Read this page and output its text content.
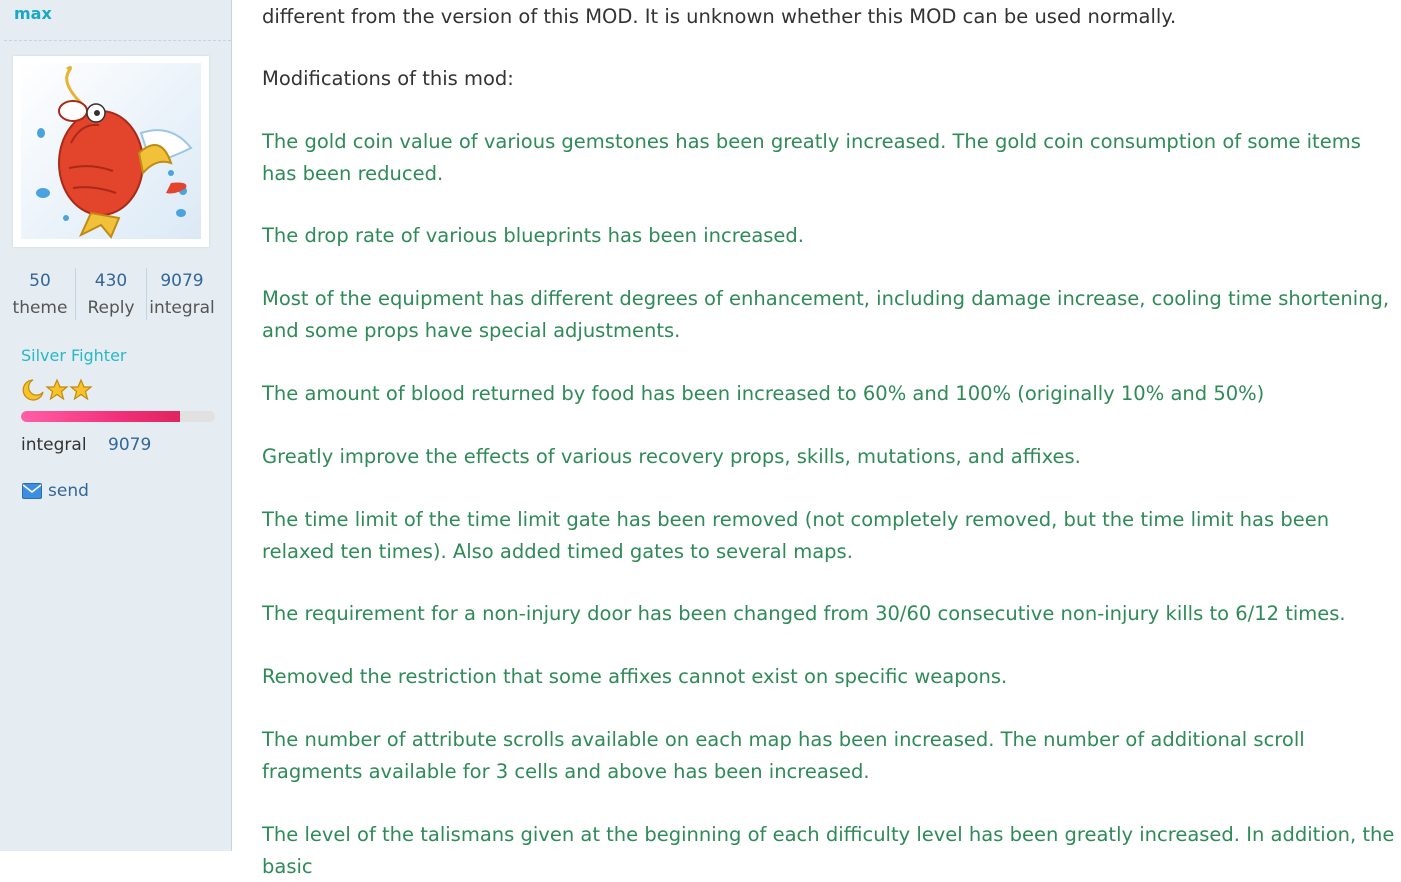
max
50
theme
430
Reply
9079
integral
Silver Fighter
integral 9079
send
different from the version of this MOD. It is unknown whether this MOD can be used normally.
Modifications of this mod:
The gold coin value of various gemstones has been greatly increased. The gold coin consumption of some items has been reduced.
The drop rate of various blueprints has been increased.
Most of the equipment has different degrees of enhancement, including damage increase, cooling time shortening, and some props have special adjustments.
The amount of blood returned by food has been increased to 60% and 100% (originally 10% and 50%)
Greatly improve the effects of various recovery props, skills, mutations, and affixes.
The time limit of the time limit gate has been removed (not completely removed, but the time limit has been relaxed ten times). Also added timed gates to several maps.
The requirement for a non-injury door has been changed from 30/60 consecutive non-injury kills to 6/12 times.
Removed the restriction that some affixes cannot exist on specific weapons.
The number of attribute scrolls available on each map has been increased. The number of additional scroll fragments available for 3 cells and above has been increased.
The level of the talismans given at the beginning of each difficulty level has been greatly increased. In addition, the basic
